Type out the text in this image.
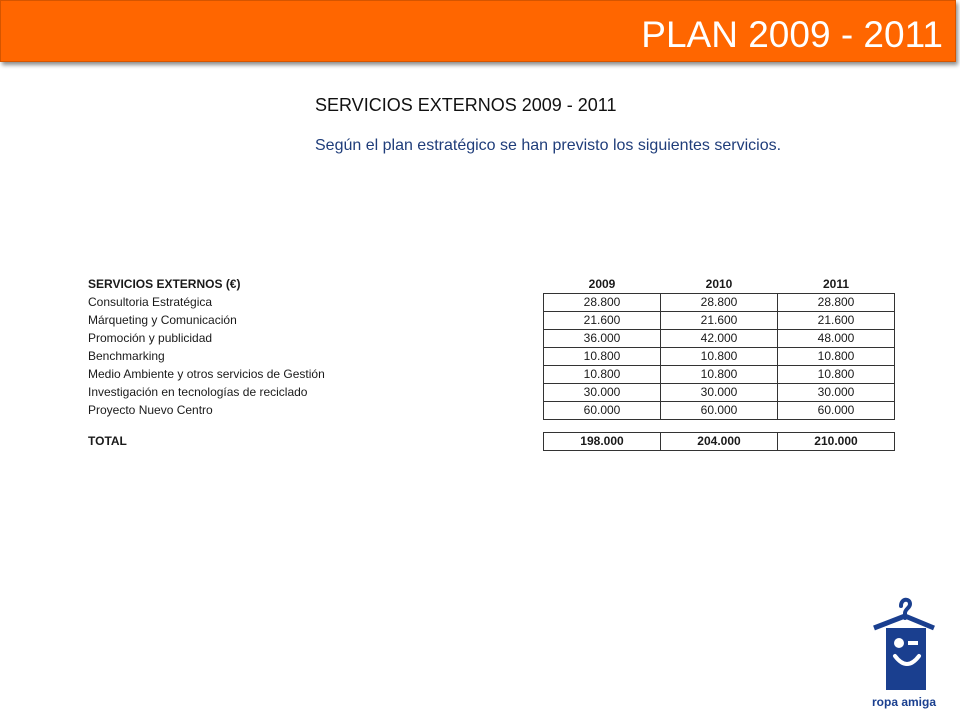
PLAN 2009 - 2011
SERVICIOS EXTERNOS 2009 - 2011
Según el plan estratégico se han previsto los siguientes servicios.
SERVICIOS EXTERNOS (€)	2009	2010	2011
Consultoria Estratégica	28.800	28.800	28.800
Márqueting y Comunicación	21.600	21.600	21.600
Promoción y publicidad	36.000	42.000	48.000
Benchmarking	10.800	10.800	10.800
Medio Ambiente y otros servicios de Gestión	10.800	10.800	10.800
Investigación en tecnologías de reciclado	30.000	30.000	30.000
Proyecto Nuevo Centro	60.000	60.000	60.000

TOTAL	198.000	204.000	210.000
ropa amiga
